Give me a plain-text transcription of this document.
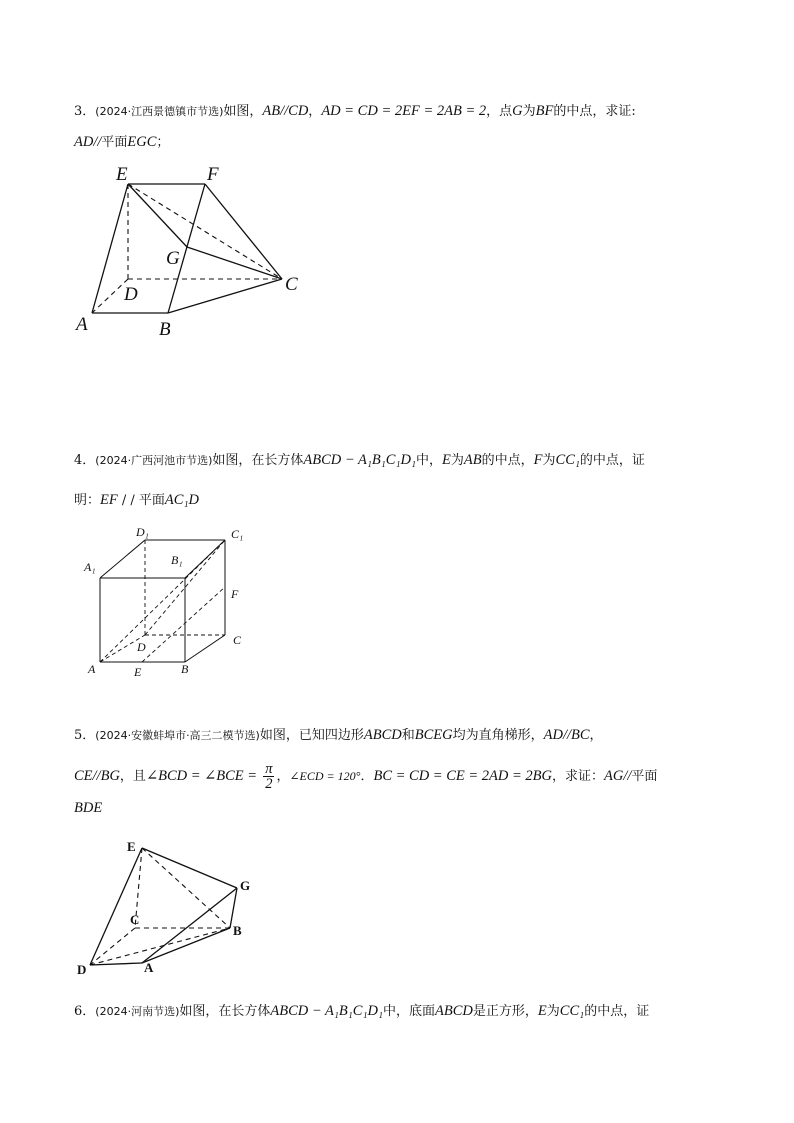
3．(2024·江西景德镇市节选)如图，AB//CD，AD = CD = 2EF = 2AB = 2，点G为BF的中点，求证:
AD//平面EGC；
E	F
G
D	C
A	B
4．(2024·广西河池市节选)如图，在长方体ABCD − A₁B₁C₁D₁中，E为AB的中点，F为CC₁的中点，证
明：EF / / 平面AC₁D
D₁	C₁
A₁	B₁
F
C
D
A	E	B
5．(2024·安徽蚌埠市·高三二模节选)如图，已知四边形ABCD和BCEG均为直角梯形，AD//BC，
CE//BG，且∠BCD = ∠BCE = $\frac{\pi}{2}$ ，∠ECD = 120°．BC = CD = CE = 2AD = 2BG，求证：AG//平面
BDE
E
G
C
B
D	A
6．(2024·河南节选)如图，在长方体ABCD − A₁B₁C₁D₁中，底面ABCD是正方形，E为CC₁的中点，证
